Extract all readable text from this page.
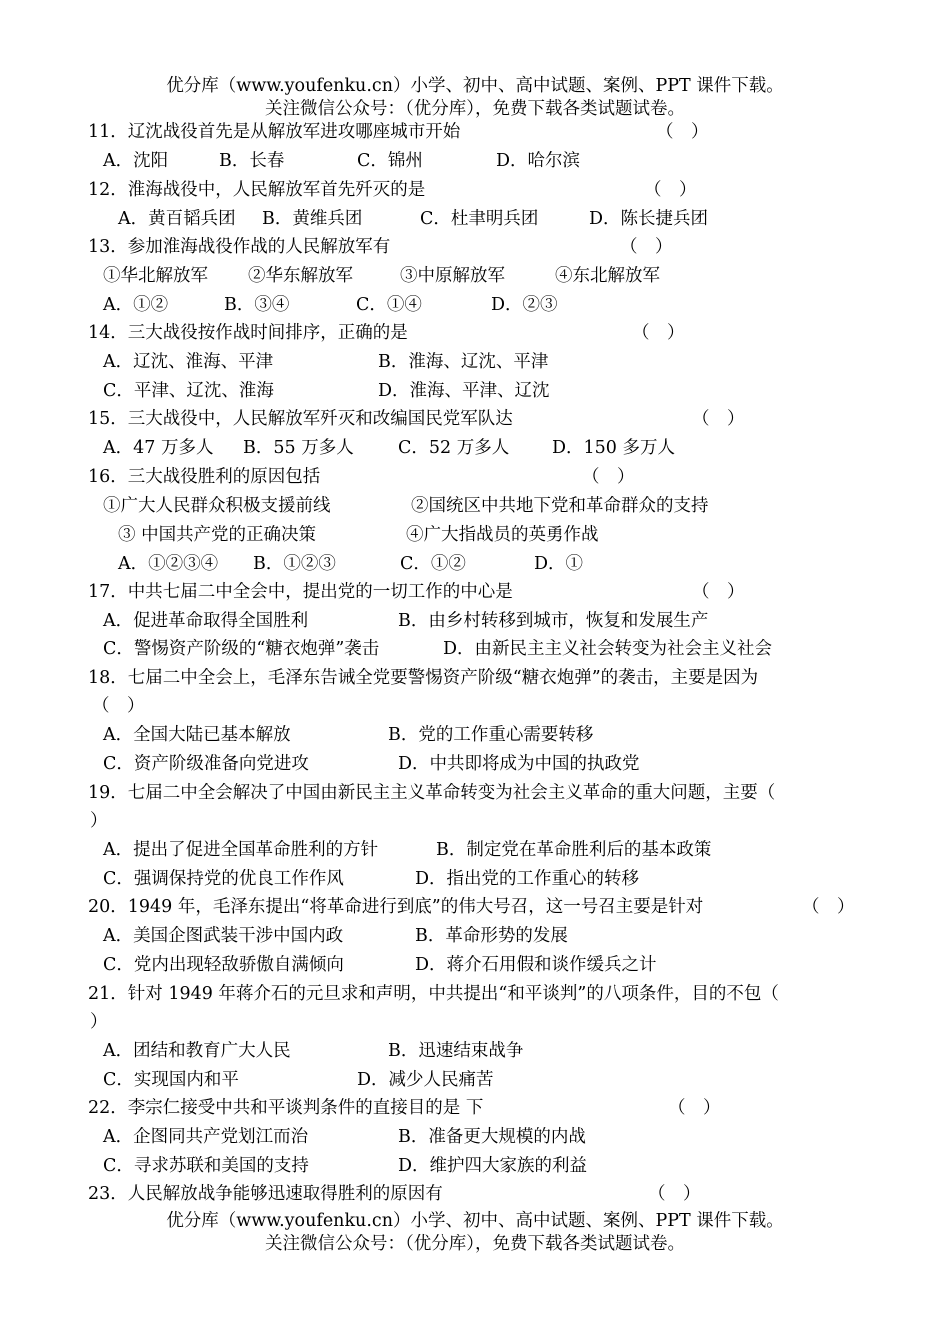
优分库（www.youfenku.cn）小学、初中、高中试题、案例、PPT 课件下载。
关注微信公众号：（优分库），免费下载各类试题试卷。
11．辽沈战役首先是从解放军进攻哪座城市开始	（　）
A．沈阳	B．长春	C．锦州	D．哈尔滨
12．淮海战役中，人民解放军首先歼灭的是	（　）
A．黄百韬兵团 B．黄维兵团	C．杜聿明兵团	D．陈长捷兵团
13．参加淮海战役作战的人民解放军有	（　）
①华北解放军 ②华东解放军	③中原解放军	④东北解放军
A．①②	B．③④	C．①④	D．②③
14．三大战役按作战时间排序，正确的是	（　）
A．辽沈、淮海、平津	B．淮海、辽沈、平津
C．平津、辽沈、淮海	D．淮海、平津、辽沈
15．三大战役中，人民解放军歼灭和改编国民党军队达	（　）
A．47 万多人 B．55 万多人	C．52 万多人 D．150 多万人
16．三大战役胜利的原因包括	（　）
①广大人民群众积极支援前线	②国统区中共地下党和革命群众的支持
③ 中国共产党的正确决策	④广大指战员的英勇作战
A．①②③④ B．①②③	C．①②	D．①
17．中共七届二中全会中，提出党的一切工作的中心是	（　）
A．促进革命取得全国胜利	B．由乡村转移到城市，恢复和发展生产
C．警惕资产阶级的“糖衣炮弹”袭击	D．由新民主主义社会转变为社会主义社会
18．七届二中全会上，毛泽东告诫全党要警惕资产阶级“糖衣炮弹”的袭击，主要是因为
（　）
A．全国大陆已基本解放	B．党的工作重心需要转移
C．资产阶级准备向党进攻	D．中共即将成为中国的执政党
19．七届二中全会解决了中国由新民主主义革命转变为社会主义革命的重大问题，主要（
）
A．提出了促进全国革命胜利的方针	B．制定党在革命胜利后的基本政策
C．强调保持党的优良工作作风	D．指出党的工作重心的转移
20．1949 年，毛泽东提出“将革命进行到底”的伟大号召，这一号召主要是针对	（　）
A．美国企图武装干涉中国内政	B．革命形势的发展
C．党内出现轻敌骄傲自满倾向	D．蒋介石用假和谈作缓兵之计
21．针对 1949 年蒋介石的元旦求和声明，中共提出“和平谈判”的八项条件，目的不包（
）
A．团结和教育广大人民	B．迅速结束战争
C．实现国内和平	D．减少人民痛苦
22．李宗仁接受中共和平谈判条件的直接目的是 下	（　）
A．企图同共产党划江而治	B．准备更大规模的内战
C．寻求苏联和美国的支持	D．维护四大家族的利益
23．人民解放战争能够迅速取得胜利的原因有	（　）
优分库（www.youfenku.cn）小学、初中、高中试题、案例、PPT 课件下载。
关注微信公众号：（优分库），免费下载各类试题试卷。
